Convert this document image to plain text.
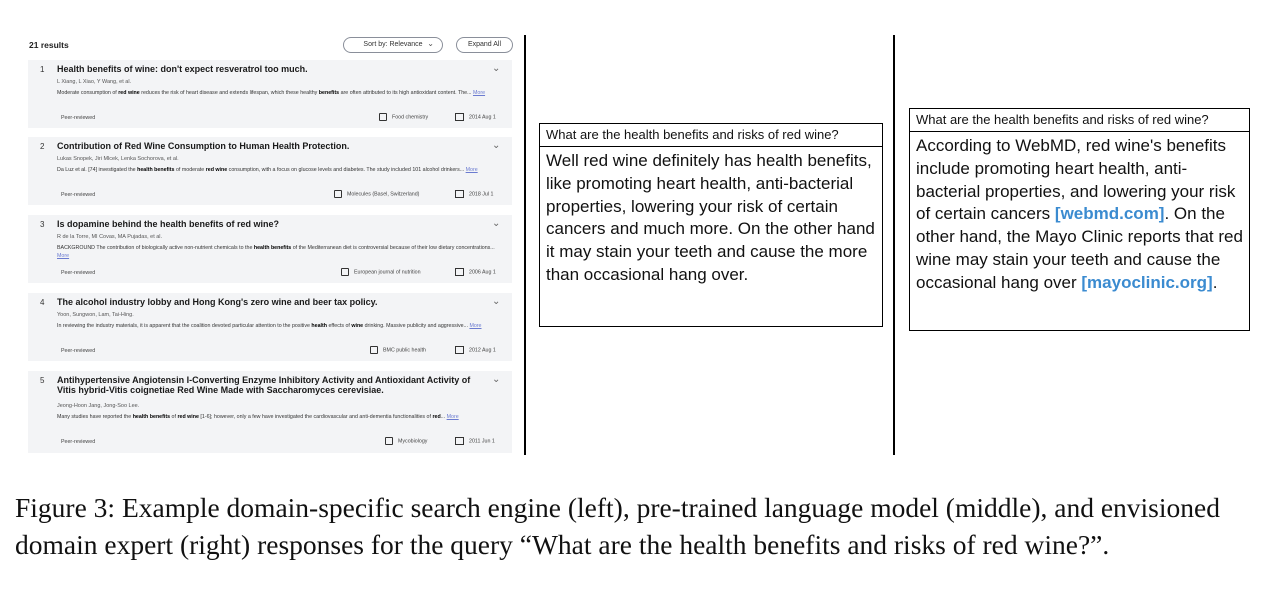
21 results	Sort by: Relevance ⌄	Expand All
1 Health benefits of wine: don't expect resveratrol too much.	⌄
L Xiang, L Xiao, Y Wang, et al.
Moderate consumption of red wine reduces the risk of heart disease and extends lifespan, which these healthy benefits are often attributed to its high antioxidant content. The... More
Peer-reviewed	Food chemistry	2014 Aug 1
2 Contribution of Red Wine Consumption to Human Health Protection.	⌄
Lukas Snopek, Jiri Mlcek, Lenka Sochorova, et al.
Da Luz et al. [74] investigated the health benefits of moderate red wine consumption, with a focus on glucose levels and diabetes. The study included 101 alcohol drinkers... More
Peer-reviewed	Molecules (Basel, Switzerland)	2018 Jul 1
3 Is dopamine behind the health benefits of red wine?	⌄
R de la Torre, MI Covas, MA Pujadas, et al.
BACKGROUND The contribution of biologically active non-nutrient chemicals to the health benefits of the Mediterranean diet is controversial because of their low dietary concentrations... More
Peer-reviewed	European journal of nutrition	2006 Aug 1
4 The alcohol industry lobby and Hong Kong's zero wine and beer tax policy.	⌄
Yoon, Sungwon, Lam, Tai-Hing.
In reviewing the industry materials, it is apparent that the coalition devoted particular attention to the positive health effects of wine drinking. Massive publicity and aggressive... More
Peer-reviewed	BMC public health	2012 Aug 1
5 Antihypertensive Angiotensin I-Converting Enzyme Inhibitory Activity and Antioxidant Activity of Vitis hybrid-Vitis coignetiae Red Wine Made with Saccharomyces cerevisiae.
⌄
Jeong-Hoon Jang, Jong-Soo Lee.
Many studies have reported the health benefits of red wine [1-6]; however, only a few have investigated the cardiovascular and anti-dementia functionalities of red... More
Peer-reviewed	Mycobiology	2011 Jun 1
What are the health benefits and risks of red wine?
Well red wine definitely has health benefits, like promoting heart health, anti-bacterial properties, lowering your risk of certain cancers and much more. On the other hand it may stain your teeth and cause the more than occasional hang over.
What are the health benefits and risks of red wine?
According to WebMD, red wine's benefits include promoting heart health, anti-bacterial properties, and lowering your risk of certain cancers [webmd.com]. On the other hand, the Mayo Clinic reports that red wine may stain your teeth and cause the occasional hang over [mayoclinic.org].
Figure 3: Example domain-specific search engine (left), pre-trained language model (middle), and envisioned domain expert (right) responses for the query “What are the health benefits and risks of red wine?”.
